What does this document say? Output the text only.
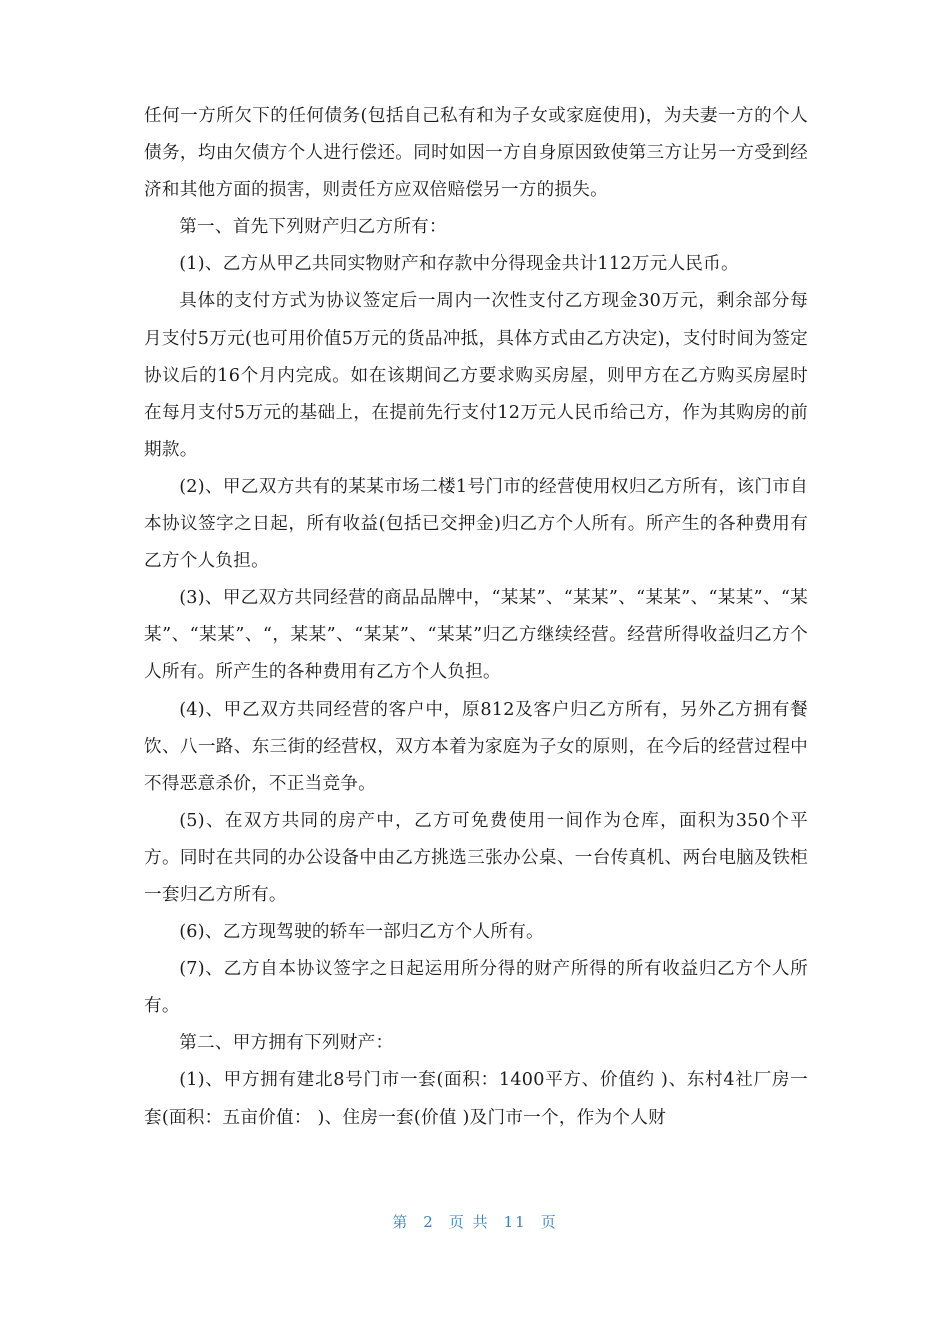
任何一方所欠下的任何债务(包括自己私有和为子女或家庭使用)，为夫妻一方的个人债务，均由欠债方个人进行偿还。同时如因一方自身原因致使第三方让另一方受到经济和其他方面的损害，则责任方应双倍赔偿另一方的损失。

第一、首先下列财产归乙方所有：

(1)、乙方从甲乙共同实物财产和存款中分得现金共计112万元人民币。

具体的支付方式为协议签定后一周内一次性支付乙方现金30万元，剩余部分每月支付5万元(也可用价值5万元的货品冲抵，具体方式由乙方决定)，支付时间为签定协议后的16个月内完成。如在该期间乙方要求购买房屋，则甲方在乙方购买房屋时在每月支付5万元的基础上，在提前先行支付12万元人民币给己方，作为其购房的前期款。

(2)、甲乙双方共有的某某市场二楼1号门市的经营使用权归乙方所有，该门市自本协议签字之日起，所有收益(包括已交押金)归乙方个人所有。所产生的各种费用有乙方个人负担。

(3)、甲乙双方共同经营的商品品牌中，“某某”、“某某”、“某某”、“某某”、“某某”、“某某”、“，某某”、“某某”、“某某”归乙方继续经营。经营所得收益归乙方个人所有。所产生的各种费用有乙方个人负担。

(4)、甲乙双方共同经营的客户中，原812及客户归乙方所有，另外乙方拥有餐饮、八一路、东三街的经营权，双方本着为家庭为子女的原则，在今后的经营过程中不得恶意杀价，不正当竞争。

(5)、在双方共同的房产中，乙方可免费使用一间作为仓库，面积为350个平方。同时在共同的办公设备中由乙方挑选三张办公桌、一台传真机、两台电脑及铁柜一套归乙方所有。

(6)、乙方现驾驶的轿车一部归乙方个人所有。

(7)、乙方自本协议签字之日起运用所分得的财产所得的所有收益归乙方个人所有。

第二、甲方拥有下列财产：

(1)、甲方拥有建北8号门市一套(面积：1400平方、价值约 )、东村4社厂房一套(面积：五亩价值： )、住房一套(价值 )及门市一个，作为个人财

第 2 页 共 11 页
